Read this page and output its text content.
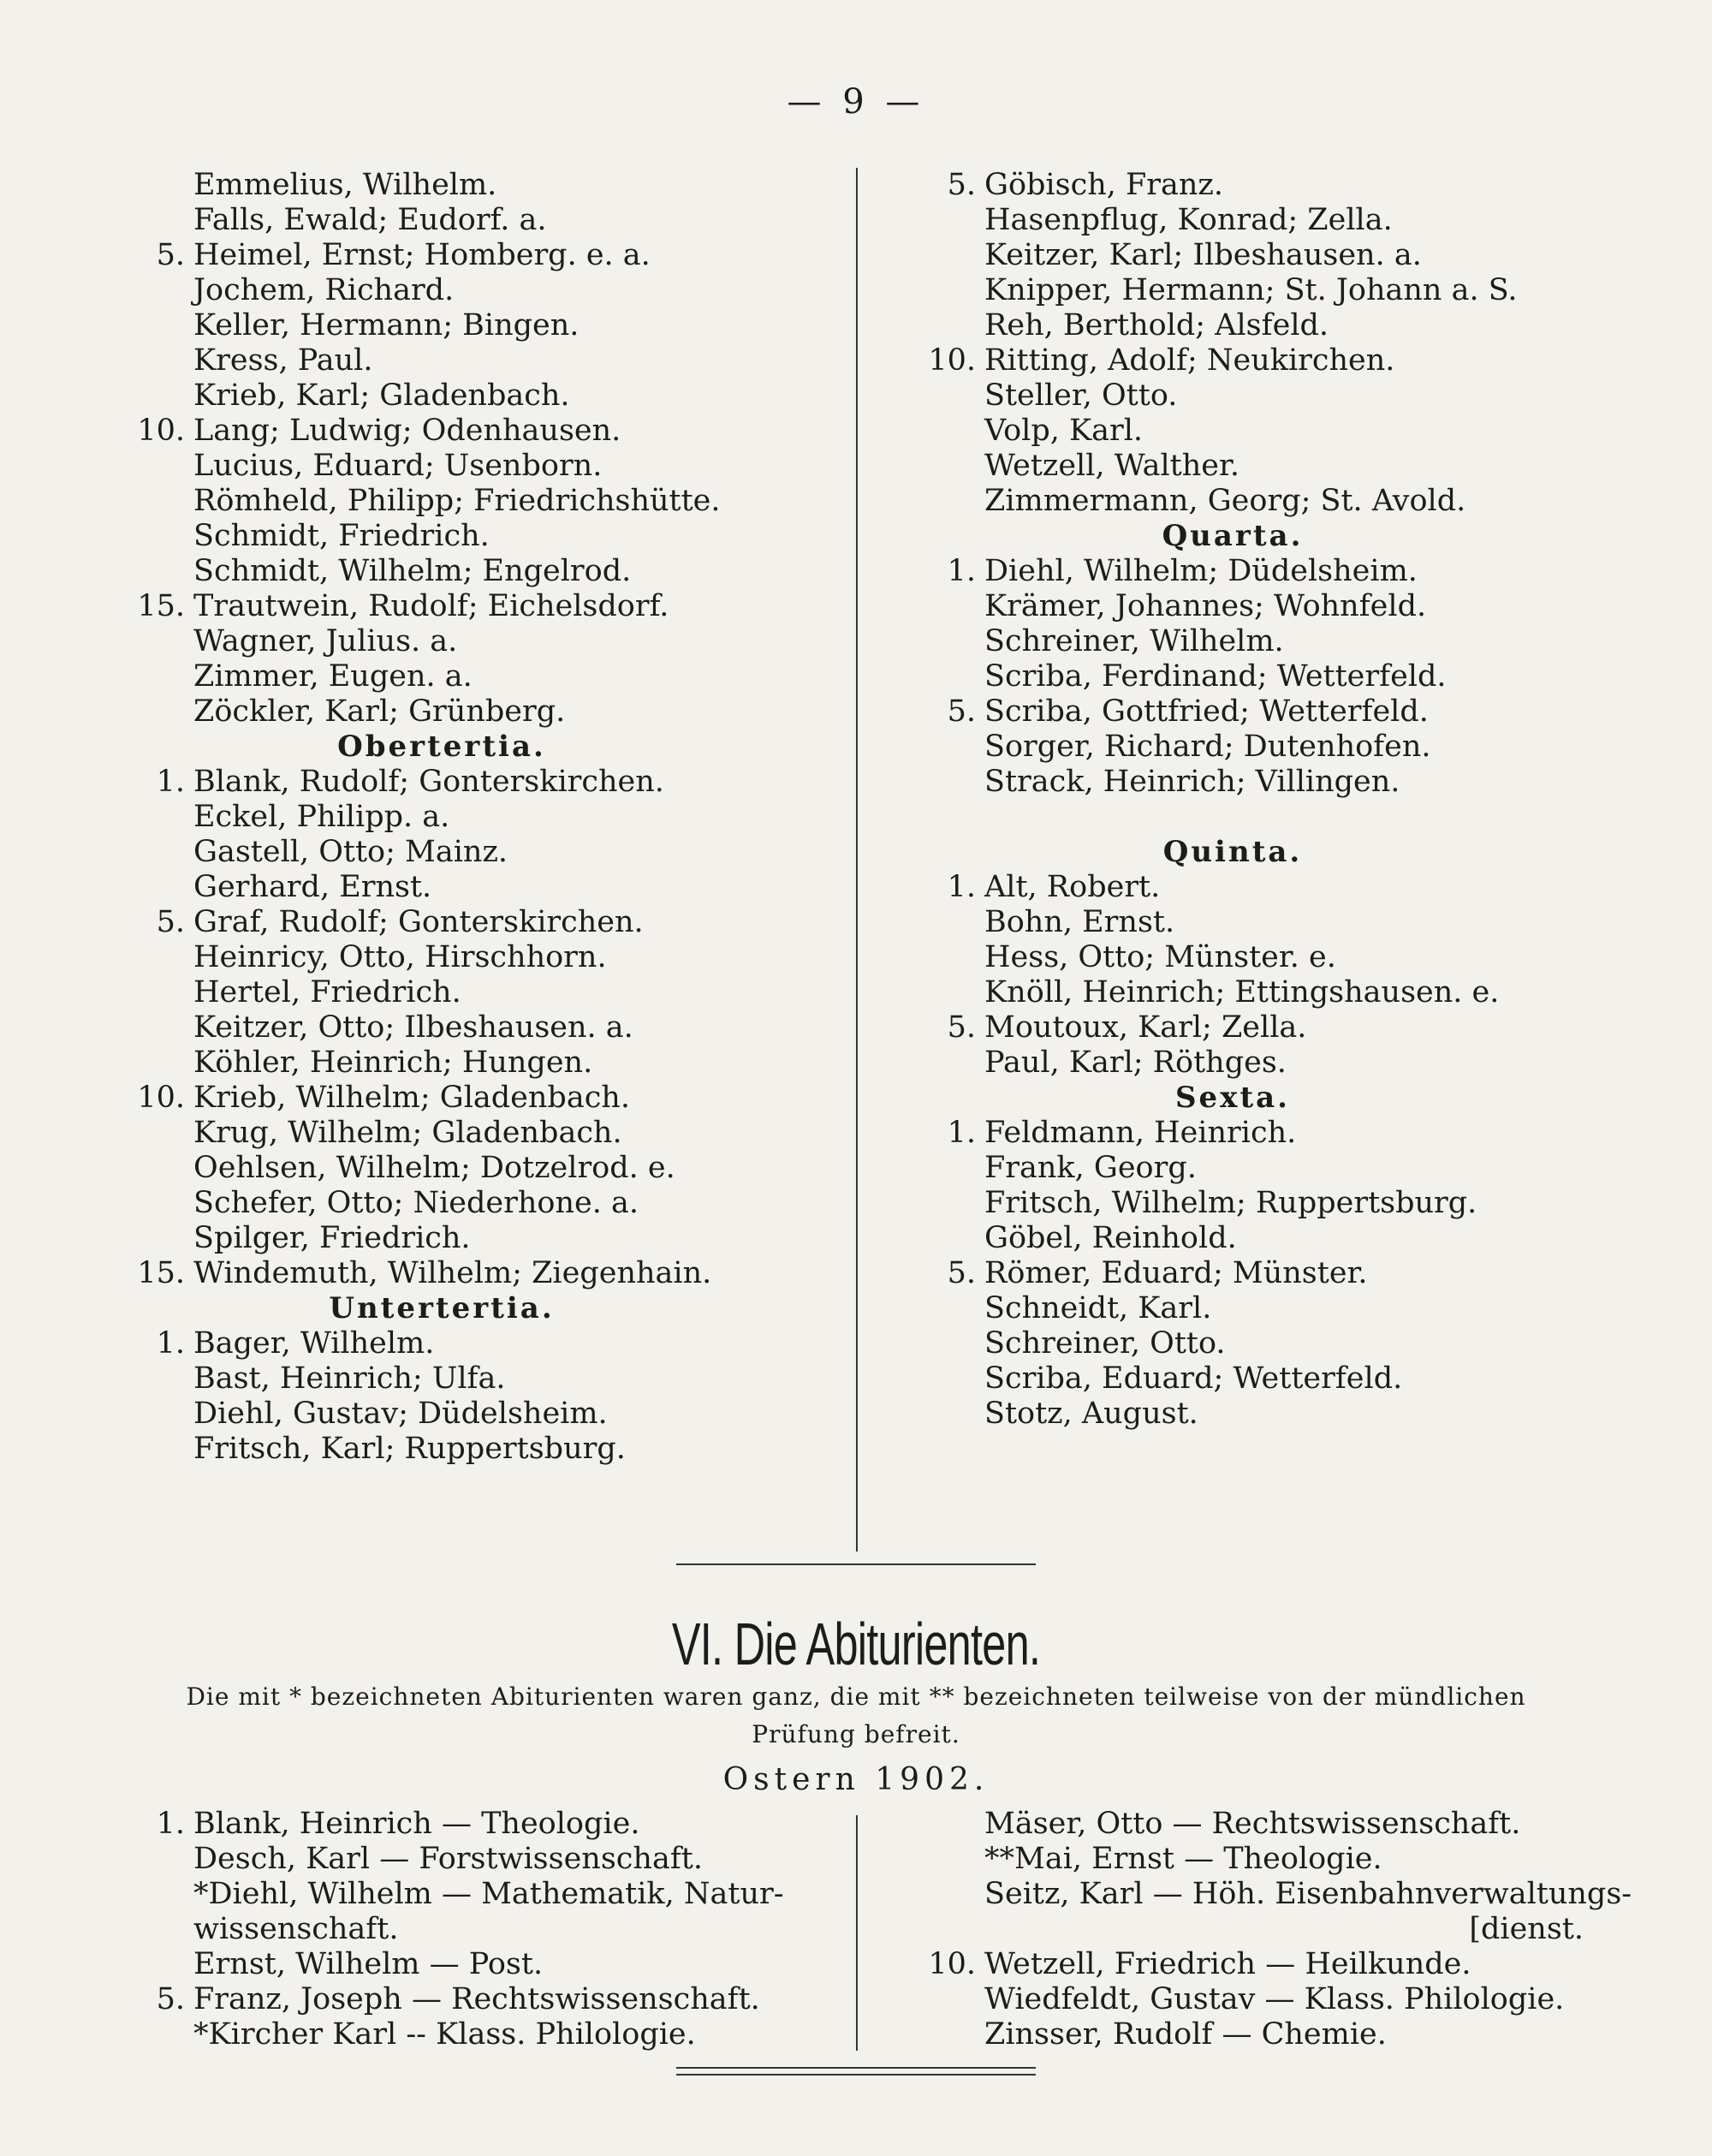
— 9 —
Emmelius, Wilhelm.
Falls, Ewald; Eudorf. a.
5. Heimel, Ernst; Homberg. e. a.
Jochem, Richard.
Keller, Hermann; Bingen.
Kress, Paul.
Krieb, Karl; Gladenbach.
10. Lang; Ludwig; Odenhausen.
Lucius, Eduard; Usenborn.
Römheld, Philipp; Friedrichshütte.
Schmidt, Friedrich.
Schmidt, Wilhelm; Engelrod.
15. Trautwein, Rudolf; Eichelsdorf.
Wagner, Julius. a.
Zimmer, Eugen. a.
Zöckler, Karl; Grünberg.
Obertertia.
1. Blank, Rudolf; Gonterskirchen.
Eckel, Philipp. a.
Gastell, Otto; Mainz.
Gerhard, Ernst.
5. Graf, Rudolf; Gonterskirchen.
Heinricy, Otto, Hirschhorn.
Hertel, Friedrich.
Keitzer, Otto; Ilbeshausen. a.
Köhler, Heinrich; Hungen.
10. Krieb, Wilhelm; Gladenbach.
Krug, Wilhelm; Gladenbach.
Oehlsen, Wilhelm; Dotzelrod. e.
Schefer, Otto; Niederhone. a.
Spilger, Friedrich.
15. Windemuth, Wilhelm; Ziegenhain.
Untertertia.
1. Bager, Wilhelm.
Bast, Heinrich; Ulfa.
Diehl, Gustav; Düdelsheim.
Fritsch, Karl; Ruppertsburg.
5. Göbisch, Franz.
Hasenpflug, Konrad; Zella.
Keitzer, Karl; Ilbeshausen. a.
Knipper, Hermann; St. Johann a. S.
Reh, Berthold; Alsfeld.
10. Ritting, Adolf; Neukirchen.
Steller, Otto.
Volp, Karl.
Wetzell, Walther.
Zimmermann, Georg; St. Avold.
Quarta.
1. Diehl, Wilhelm; Düdelsheim.
Krämer, Johannes; Wohnfeld.
Schreiner, Wilhelm.
Scriba, Ferdinand; Wetterfeld.
5. Scriba, Gottfried; Wetterfeld.
Sorger, Richard; Dutenhofen.
Strack, Heinrich; Villingen.
Quinta.
1. Alt, Robert.
Bohn, Ernst.
Hess, Otto; Münster. e.
Knöll, Heinrich; Ettingshausen. e.
5. Moutoux, Karl; Zella.
Paul, Karl; Röthges.
Sexta.
1. Feldmann, Heinrich.
Frank, Georg.
Fritsch, Wilhelm; Ruppertsburg.
Göbel, Reinhold.
5. Römer, Eduard; Münster.
Schneidt, Karl.
Schreiner, Otto.
Scriba, Eduard; Wetterfeld.
Stotz, August.
VI. Die Abiturienten.
Die mit * bezeichneten Abiturienten waren ganz, die mit ** bezeichneten teilweise von der mündlichen
Prüfung befreit.
Ostern 1902.
1. Blank, Heinrich — Theologie.
Desch, Karl — Forstwissenschaft.
*Diehl, Wilhelm — Mathematik, Natur-
wissenschaft.
Ernst, Wilhelm — Post.
5. Franz, Joseph — Rechtswissenschaft.
*Kircher Karl -- Klass. Philologie.
Mäser, Otto — Rechtswissenschaft.
**Mai, Ernst — Theologie.
Seitz, Karl — Höh. Eisenbahnverwaltungs-
[dienst.
10. Wetzell, Friedrich — Heilkunde.
Wiedfeldt, Gustav — Klass. Philologie.
Zinsser, Rudolf — Chemie.
